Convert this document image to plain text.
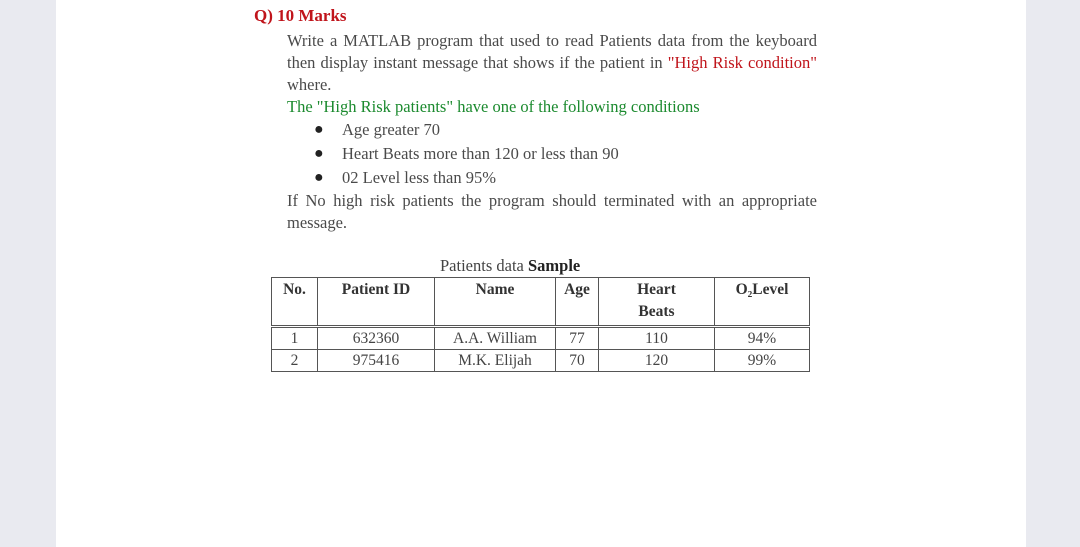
Q) 10 Marks
Write a MATLAB program that used to read Patients data from the keyboard then display instant message that shows if the patient in "High Risk condition" where.
The "High Risk patients" have one of the following conditions
● Age greater 70
● Heart Beats more than 120 or less than 90
● 02 Level less than 95%
If No high risk patients the program should terminated with an appropriate message.
Patients data Sample
No.	Patient ID	Name	Age	Heart
Beats	O₂Level
1	632360	A.A. William	77	110	94%
2	975416	M.K. Elijah	70	120	99%
